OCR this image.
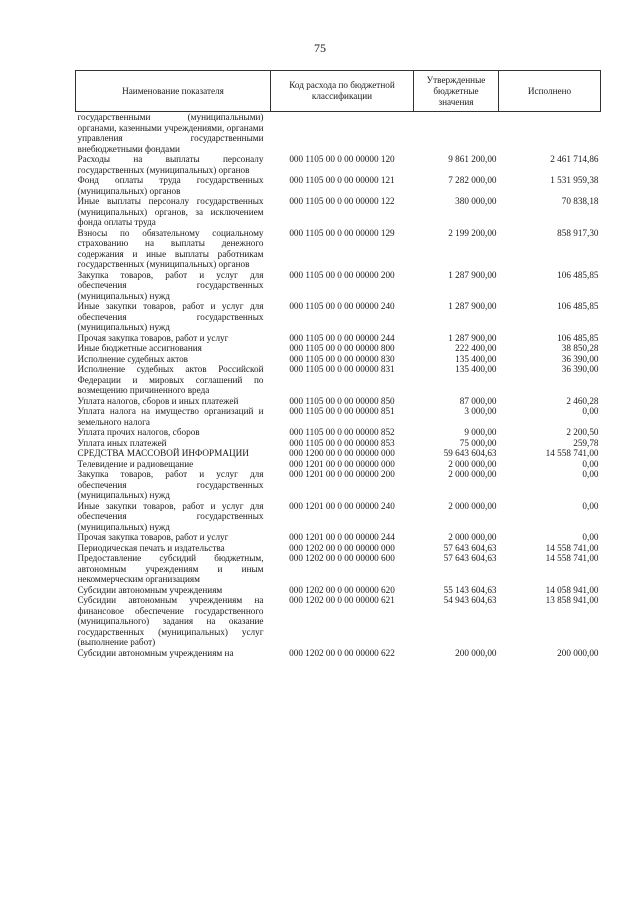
75
Наименование показателя	Код расхода по бюджетной классификации	Утвержденные бюджетные значения	Исполнено
государственными (муниципальными) органами, казенными учреждениями, органами управления государственными внебюджетными фондами			
Расходы на выплаты персоналу государственных (муниципальных) органов	000 1105 00 0 00 00000 120	9 861 200,00	2 461 714,86
Фонд оплаты труда государственных (муниципальных) органов	000 1105 00 0 00 00000 121	7 282 000,00	1 531 959,38
Иные выплаты персоналу государственных (муниципальных) органов, за исключением фонда оплаты труда	000 1105 00 0 00 00000 122	380 000,00	70 838,18
Взносы по обязательному социальному страхованию на выплаты денежного содержания и иные выплаты работникам государственных (муниципальных) органов	000 1105 00 0 00 00000 129	2 199 200,00	858 917,30
Закупка товаров, работ и услуг для обеспечения государственных (муниципальных) нужд	000 1105 00 0 00 00000 200	1 287 900,00	106 485,85
Иные закупки товаров, работ и услуг для обеспечения государственных (муниципальных) нужд	000 1105 00 0 00 00000 240	1 287 900,00	106 485,85
Прочая закупка товаров, работ и услуг	000 1105 00 0 00 00000 244	1 287 900,00	106 485,85
Иные бюджетные ассигнования	000 1105 00 0 00 00000 800	222 400,00	38 850,28
Исполнение судебных актов	000 1105 00 0 00 00000 830	135 400,00	36 390,00
Исполнение судебных актов Российской Федерации и мировых соглашений по возмещению причиненного вреда	000 1105 00 0 00 00000 831	135 400,00	36 390,00
Уплата налогов, сборов и иных платежей	000 1105 00 0 00 00000 850	87 000,00	2 460,28
Уплата налога на имущество организаций и земельного налога	000 1105 00 0 00 00000 851	3 000,00	0,00
Уплата прочих налогов, сборов	000 1105 00 0 00 00000 852	9 000,00	2 200,50
Уплата иных платежей	000 1105 00 0 00 00000 853	75 000,00	259,78
СРЕДСТВА МАССОВОЙ ИНФОРМАЦИИ	000 1200 00 0 00 00000 000	59 643 604,63	14 558 741,00
Телевидение и радиовещание	000 1201 00 0 00 00000 000	2 000 000,00	0,00
Закупка товаров, работ и услуг для обеспечения государственных (муниципальных) нужд	000 1201 00 0 00 00000 200	2 000 000,00	0,00
Иные закупки товаров, работ и услуг для обеспечения государственных (муниципальных) нужд	000 1201 00 0 00 00000 240	2 000 000,00	0,00
Прочая закупка товаров, работ и услуг	000 1201 00 0 00 00000 244	2 000 000,00	0,00
Периодическая печать и издательства	000 1202 00 0 00 00000 000	57 643 604,63	14 558 741,00
Предоставление субсидий бюджетным, автономным учреждениям и иным некоммерческим организациям	000 1202 00 0 00 00000 600	57 643 604,63	14 558 741,00
Субсидии автономным учреждениям	000 1202 00 0 00 00000 620	55 143 604,63	14 058 941,00
Субсидии автономным учреждениям на финансовое обеспечение государственного (муниципального) задания на оказание государственных (муниципальных) услуг (выполнение работ)	000 1202 00 0 00 00000 621	54 943 604,63	13 858 941,00
Субсидии автономным учреждениям на	000 1202 00 0 00 00000 622	200 000,00	200 000,00
